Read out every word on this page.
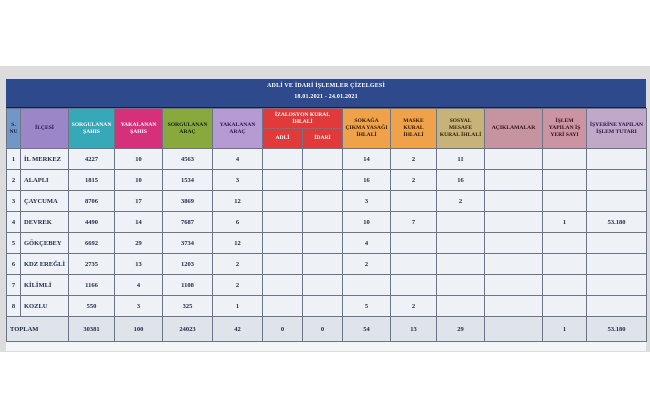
ADLİ VE İDARİ İŞLEMLER ÇİZELGESİ
18.01.2021 - 24.01.2021
S. NU	İLÇESİ	SORGULANAN ŞAHIS	YAKALANAN ŞAHIS	SORGULANAN ARAÇ	YAKALANAN ARAÇ	İZALOSYON KURAL İHLALİ		SOKAĞA ÇIKMA YASAĞI İHLALİ	MASKE KURAL İHLALİ	SOSYAL MESAFE KURAL İHLALİ	AÇIKLAMALAR	İŞLEM YAPILAN İŞ YERİ SAYI	İŞYERİNE YAPILAN İŞLEM TUTARI
						ADLİ	İDARİ						
1	İL MERKEZ	4227	10	4563	4			14	2	11			
2	ALAPLI	1815	10	1534	3			16	2	16			
3	ÇAYCUMA	8706	17	3869	12			3		2			
4	DEVREK	4490	14	7687	6			10	7			1	53.180
5	GÖKÇEBEY	6692	29	3734	12			4					
6	KDZ EREĞLİ	2735	13	1203	2			2					
7	KİLİMLİ	1166	4	1108	2								
8	KOZLU	550	3	325	1			5	2				
TOPLAM		30381	100	24023	42	0	0	54	13	29		1	53.180
